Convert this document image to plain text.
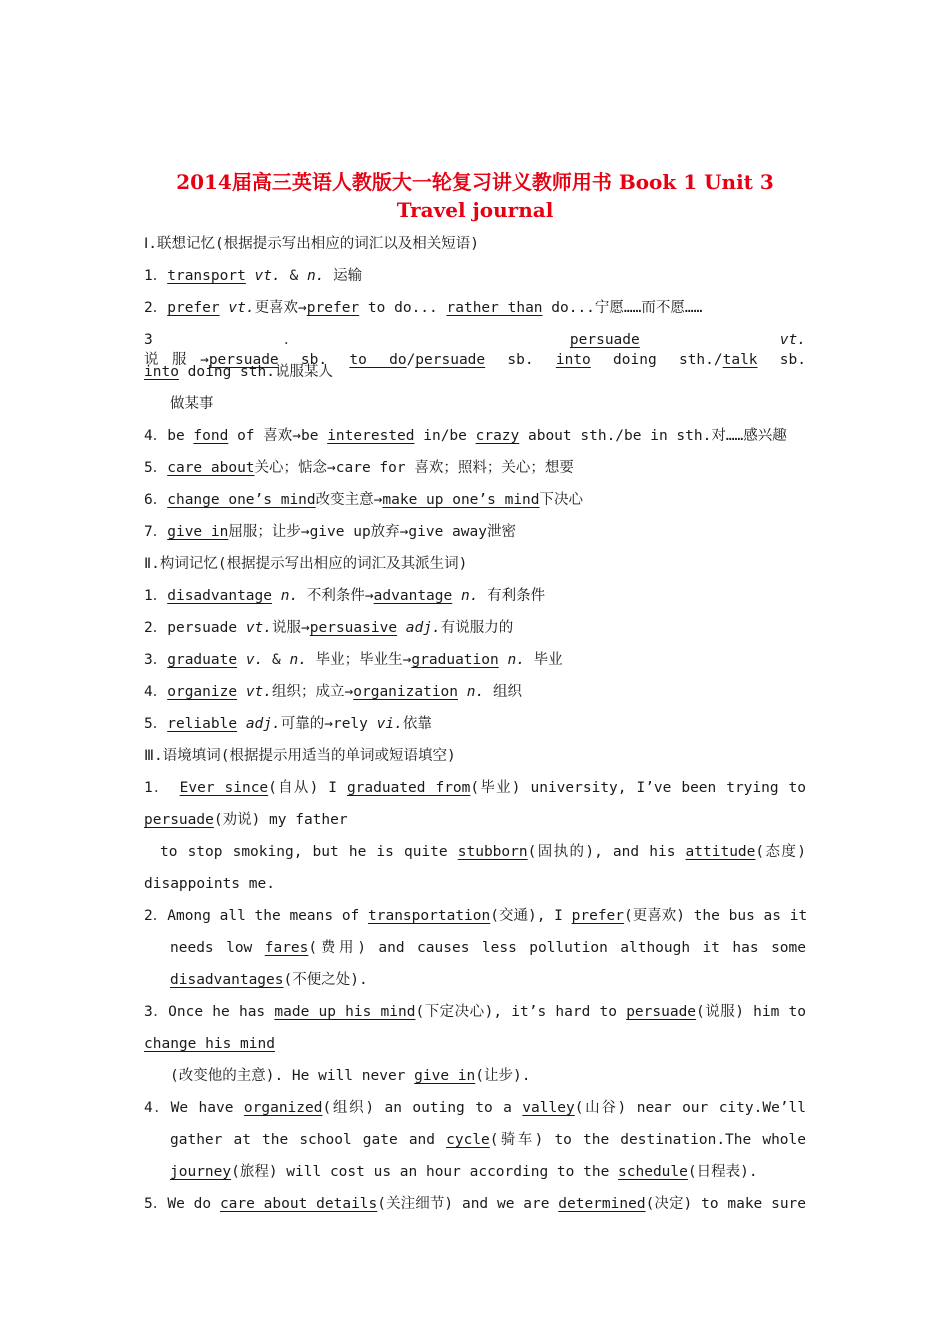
2014届高三英语人教版大一轮复习讲义教师用书 Book 1 Unit 3
Travel journal
Ⅰ.联想记忆(根据提示写出相应的词汇以及相关短语)
1．transport vt. & n. 运输
2．prefer vt.更喜欢→prefer to do... rather than do...宁愿……而不愿……
3． persuade	vt.说服→persuade sb. to do/persuade sb. into doing sth./talk sb.
into doing sth.说服某人
做某事
4．be fond of 喜欢→be interested in/be crazy about sth./be in sth.对……感兴趣
5．care about关心；惦念→care for 喜欢；照料；关心；想要
6．change one’s mind改变主意→make up one’s mind下决心
7．give in屈服；让步→give up放弃→give away泄密
Ⅱ.构词记忆(根据提示写出相应的词汇及其派生词)
1．disadvantage n. 不利条件→advantage n. 有利条件
2．persuade vt.说服→persuasive adj.有说服力的
3．graduate v. & n. 毕业；毕业生→graduation n. 毕业
4．organize vt.组织；成立→organization n. 组织
5．reliable adj.可靠的→rely vi.依靠
Ⅲ.语境填词(根据提示用适当的单词或短语填空)
1． Ever since(自从) I graduated from(毕业) university, I’ve been trying to
persuade(劝说) my father
to stop smoking, but he is quite stubborn(固执的), and his attitude(态度)
disappoints me.
2．Among all the means of transportation(交通), I prefer(更喜欢) the bus as it
needs low fares(费用) and causes less pollution although it has some
disadvantages(不便之处).
3．Once he has made up his mind(下定决心), it’s hard to persuade(说服) him to
change his mind
(改变他的主意). He will never give in(让步).
4．We have organized(组织) an outing to a valley(山谷) near our city.We’ll
gather at the school gate and cycle(骑车) to the destination.The whole
journey(旅程) will cost us an hour according to the schedule(日程表).
5．We do care about details(关注细节) and we are determined(决定) to make sure
